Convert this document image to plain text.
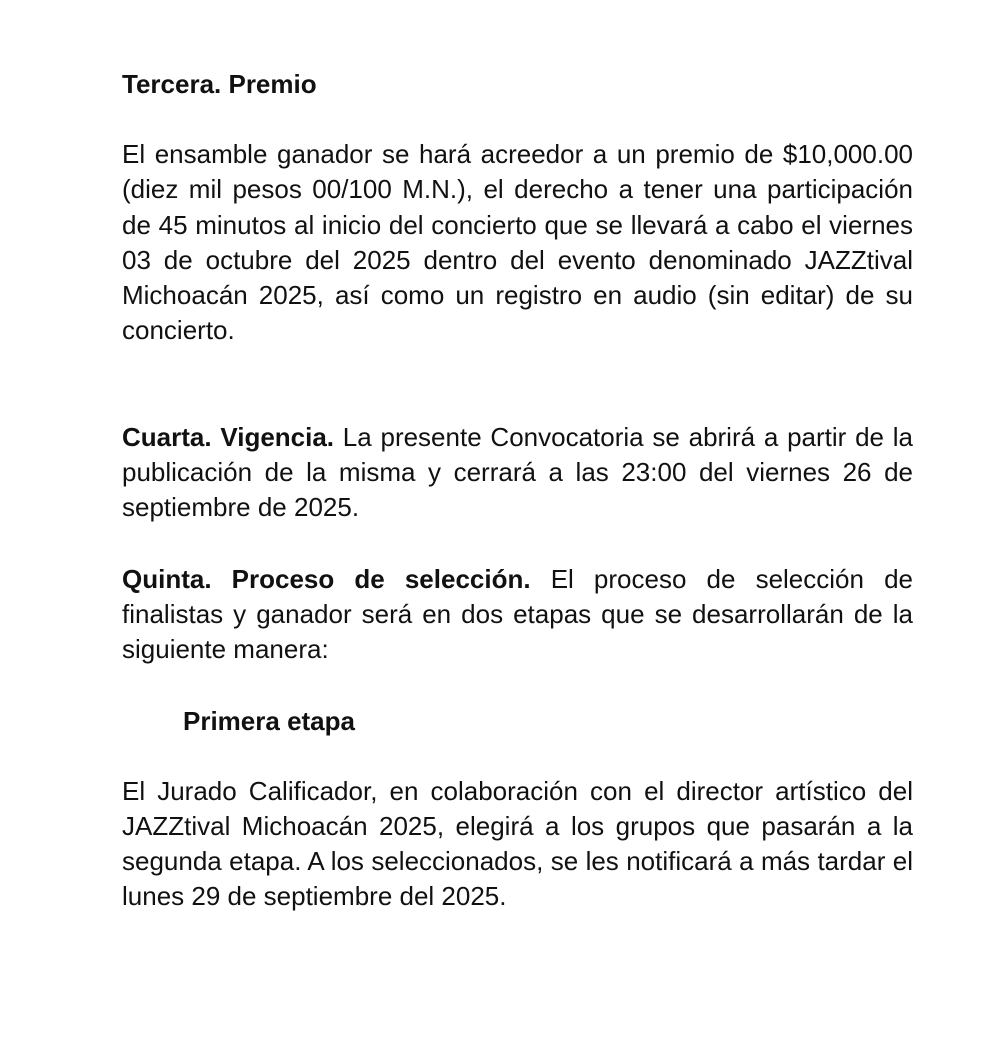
Tercera. Premio

El ensamble ganador se hará acreedor a un premio de $10,000.00 (diez mil pesos 00/100 M.N.), el derecho a tener una participación de 45 minutos al inicio del concierto que se llevará a cabo el viernes 03 de octubre del 2025 dentro del evento denominado JAZZtival Michoacán 2025, así como un registro en audio (sin editar) de su concierto.

Cuarta. Vigencia. La presente Convocatoria se abrirá a partir de la publicación de la misma y cerrará a las 23:00 del viernes 26 de septiembre de 2025.

Quinta. Proceso de selección. El proceso de selección de finalistas y ganador será en dos etapas que se desarrollarán de la siguiente manera:

Primera etapa

El Jurado Calificador, en colaboración con el director artístico del JAZZtival Michoacán 2025, elegirá a los grupos que pasarán a la segunda etapa. A los seleccionados, se les notificará a más tardar el lunes 29 de septiembre del 2025.
